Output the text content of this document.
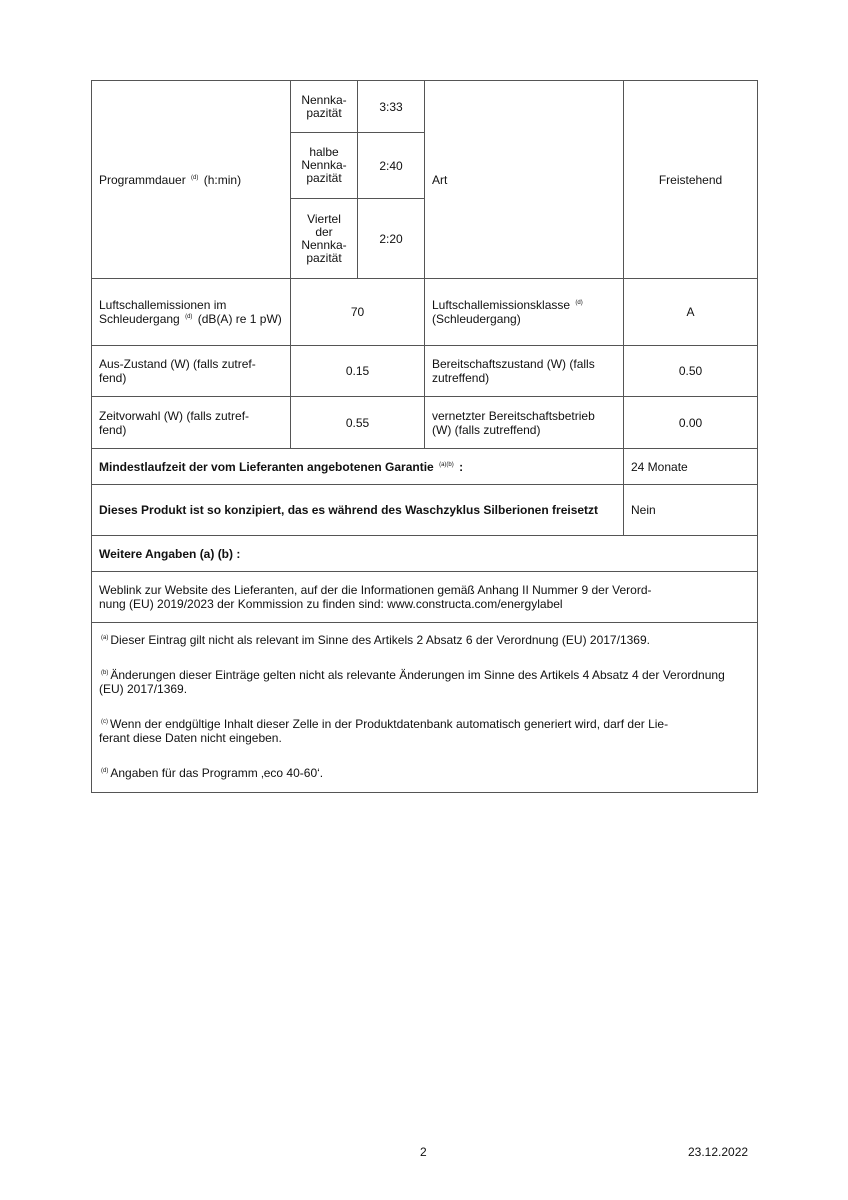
Programmdauer $^{(d)}$ (h:min)	Nennka-
pazität	3:33	Art	Freistehend
	halbe
Nennka-
pazität	2:40		
	Viertel
der
Nennka-
pazität	2:20		
Luftschallemissionen im Schleudergang $^{(d)}$ (dB(A) re 1 pW)	70		Luftschallemissionsklasse $^{(d)}$
(Schleudergang)	A
Aus-Zustand (W) (falls zutref-
fend)	0.15		Bereitschaftszustand (W) (falls zutreffend)	0.50
Zeitvorwahl (W) (falls zutref-
fend)	0.55		vernetzter Bereitschaftsbetrieb (W) (falls zutreffend)	0.00
Mindestlaufzeit der vom Lieferanten angebotenen Garantie $^{(a)(b)}$ :				24 Monate
Dieses Produkt ist so konzipiert, das es während des Waschzyklus Silberionen freisetzt				Nein
Weitere Angaben (a) (b) :				
Weblink zur Website des Lieferanten, auf der die Informationen gemäß Anhang II Nummer 9 der Verord-
nung (EU) 2019/2023 der Kommission zu finden sind: www.constructa.com/energylabel				

$^{(a)}$ Dieser Eintrag gilt nicht als relevant im Sinne des Artikels 2 Absatz 6 der Verordnung (EU) 2017/1369.

$^{(b)}$ Änderungen dieser Einträge gelten nicht als relevante Änderungen im Sinne des Artikels 4 Absatz 4 der Verordnung (EU) 2017/1369.

$^{(c)}$ Wenn der endgültige Inhalt dieser Zelle in der Produktdatenbank automatisch generiert wird, darf der Lie-
ferant diese Daten nicht eingeben.

$^{(d)}$ Angaben für das Programm ‚eco 40-60‘.				

2	23.12.2022
